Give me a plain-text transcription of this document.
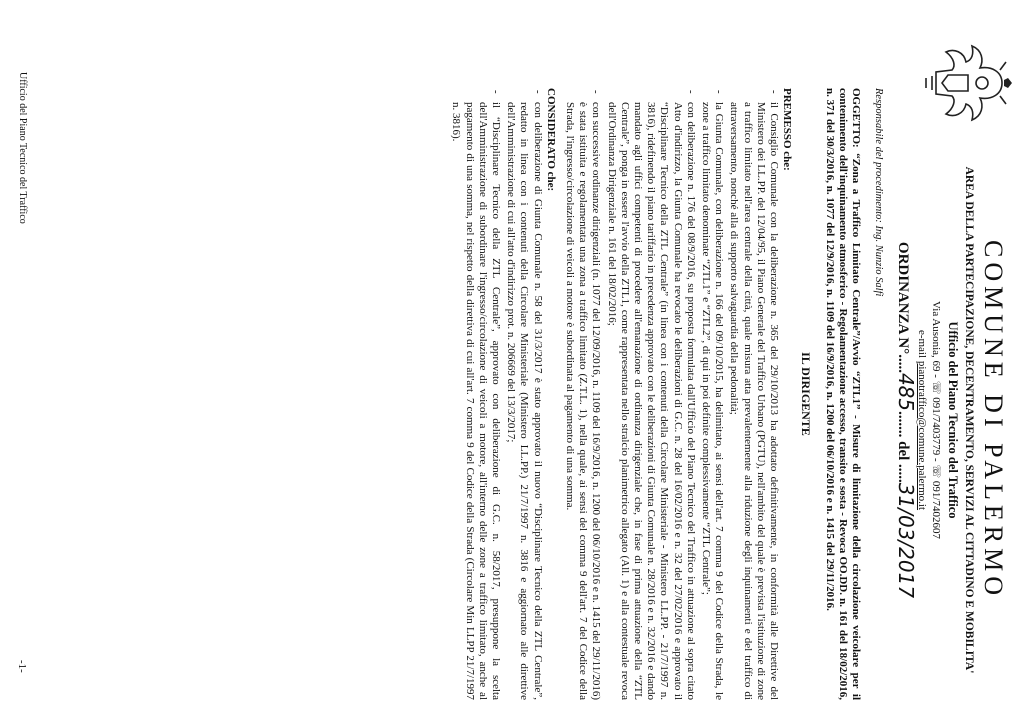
COMUNE DI PALERMO
AREA DELLA PARTECIPAZIONE, DECENTRAMENTO, SERVIZI AL CITTADINO E MOBILITA'
Ufficio del Piano Tecnico del Traffico
Via Ausonia, 69 - ☏ 091/7403779 - ☏ 091/7402607
e-mail pianotraffico@comune.palermo.it
ORDINANZA N°.....485....... del .....31/03/2017
Responsabile del procedimento: Ing. Nunzio Salfi

OGGETTO: “Zona a Traffico Limitato Centrale”/Avvio “ZTL1” - Misure di limitazione della circolazione veicolare per il contenimento dell'inquinamento atmosferico - Regolamentazione accesso, transito e sosta - Revoca OO.DD. n. 161 del 18/02/2016, n. 371 del 30/3/2016, n. 1077 del 12/9/2016, n. 1109 del 16/9/2016, n. 1200 del 06/10/2016 e n. 1415 del 29/11/2016.

IL DIRIGENTE

PREMESSO che:

- il Consiglio Comunale con la deliberazione n. 365 del 29/10/2013 ha adottato definitivamente, in conformità alle Direttive del Ministero dei LL.PP. del 12/04/95, il Piano Generale del Traffico Urbano (PGTU), nell'ambito del quale è prevista l'istituzione di zone a traffico limitato nell'area centrale della città, quale misura atta prevalentemente alla riduzione degli inquinamenti e del traffico di attraversamento, nonché alla di supporto salvaguardia della pedonalità;
- la Giunta Comunale, con deliberazione n. 166 del 09/10/2015, ha delimitato, ai sensi dell'art. 7 comma 9 del Codice della Strada, le zone a traffico limitato denominate “ZTL1” e “ZTL2”, di qui in poi definite complessivamente “ZTL Centrale”;
- con deliberazione n. 176 del 08/9/2016, su proposta formulata dall'Ufficio del Piano Tecnico del Traffico in attuazione al sopra citato Atto d'indirizzo, la Giunta Comunale ha revocato le deliberazioni di G.C. n. 28 del 16/02/2016 e n. 32 del 27/02/2016 e approvato il “Disciplinare Tecnico della ZTL Centrale” (in linea con i contenuti della Circolare Ministeriale - Ministero LL.PP. - 21/7/1997 n. 3816), ridefinendo il piano tariffario in precedenza approvato con le deliberazioni di Giunta Comunale n. 28/2016 e n. 32/2016 e dando mandato agli uffici competenti di procedere all'emanazione di ordinanza dirigenziale che, in fase di prima attuazione della “ZTL Centrale”, ponga in essere l'avvio della ZTL1, come rappresentata nello stralcio planimetrico allegato (All. 1) e alla contestuale revoca dell'Ordinanza Dirigenziale n. 161 del 18/02/2016;
- con successive ordinanze dirigenziali (n. 1077 del 12/09/2016, n. 1109 del 16/9/2016, n. 1200 del 06/10/2016 e n. 1415 del 29/11/2016) è stata istituita e regolamentata una zona a traffico limitato (Z.T.L. 1), nella quale, ai sensi del comma 9 dell'art. 7 del Codice della Strada, l'ingresso/circolazione di veicoli a motore è subordinata al pagamento di una somma.

CONSIDERATO che:

- con deliberazione di Giunta Comunale n. 58 del 31/3/2017 è stato approvato il nuovo “Disciplinare Tecnico della ZTL Centrale”, redatto in linea con i contenuti della Circolare Ministeriale (Ministero LL.PP.) 21/7/1997 n. 3816 e aggiornato alle direttive dell'Amministrazione di cui all'atto d'indirizzo prot. n. 206669 del 13/3/2017;
- il “Disciplinare Tecnico della ZTL Centrale”, approvato con deliberazione di G.C. n. 58/2017, presuppone la scelta dell'Amministrazione di subordinare l'ingresso/circolazione di veicoli a motore, all'interno delle zone a traffico limitato, anche al pagamento di una somma, nel rispetto della direttiva di cui all'art. 7 comma 9 del Codice della Strada (Circolare Min LLPP 21/7/1997 n. 3816).
Ufficio del Piano Tecnico del Traffico
-1-
